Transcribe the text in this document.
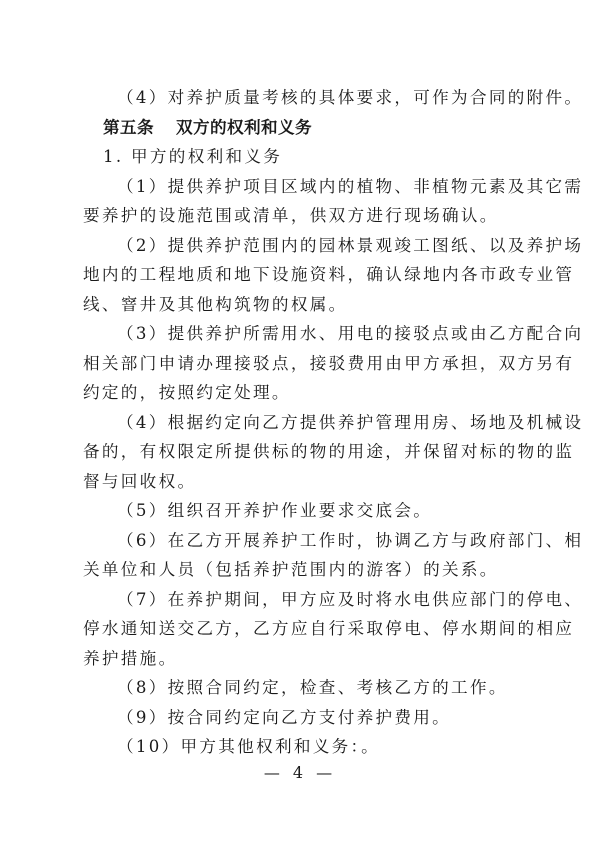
（4）对养护质量考核的具体要求，可作为合同的附件。
第五条 双方的权利和义务
1. 甲方的权利和义务
（1）提供养护项目区域内的植物、非植物元素及其它需
要养护的设施范围或清单，供双方进行现场确认。
（2）提供养护范围内的园林景观竣工图纸、以及养护场
地内的工程地质和地下设施资料，确认绿地内各市政专业管
线、窨井及其他构筑物的权属。
（3）提供养护所需用水、用电的接驳点或由乙方配合向
相关部门申请办理接驳点，接驳费用由甲方承担，双方另有
约定的，按照约定处理。
（4）根据约定向乙方提供养护管理用房、场地及机械设
备的，有权限定所提供标的物的用途，并保留对标的物的监
督与回收权。
（5）组织召开养护作业要求交底会。
（6）在乙方开展养护工作时，协调乙方与政府部门、相
关单位和人员（包括养护范围内的游客）的关系。
（7）在养护期间，甲方应及时将水电供应部门的停电、
停水通知送交乙方，乙方应自行采取停电、停水期间的相应
养护措施。
（8）按照合同约定，检查、考核乙方的工作。
（9）按合同约定向乙方支付养护费用。
（10）甲方其他权利和义务：。
— 4 —
